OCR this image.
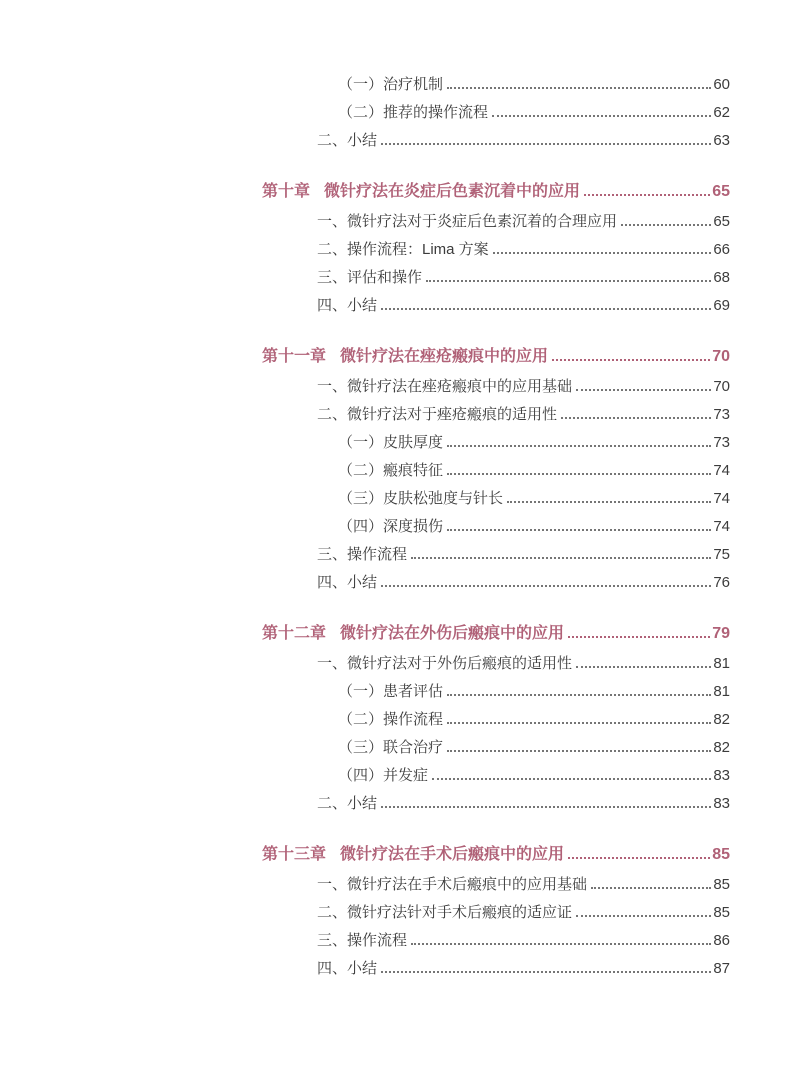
（一）治疗机制	60
（二）推荐的操作流程	62
二、小结	63
第十章 微针疗法在炎症后色素沉着中的应用	65
一、微针疗法对于炎症后色素沉着的合理应用	65
二、操作流程：Lima 方案	66
三、评估和操作	68
四、小结	69
第十一章 微针疗法在痤疮瘢痕中的应用	70
一、微针疗法在痤疮瘢痕中的应用基础	70
二、微针疗法对于痤疮瘢痕的适用性	73
（一）皮肤厚度	73
（二）瘢痕特征	74
（三）皮肤松弛度与针长	74
（四）深度损伤	74
三、操作流程	75
四、小结	76
第十二章 微针疗法在外伤后瘢痕中的应用	79
一、微针疗法对于外伤后瘢痕的适用性	81
（一）患者评估	81
（二）操作流程	82
（三）联合治疗	82
（四）并发症	83
二、小结	83
第十三章 微针疗法在手术后瘢痕中的应用	85
一、微针疗法在手术后瘢痕中的应用基础	85
二、微针疗法针对手术后瘢痕的适应证	85
三、操作流程	86
四、小结	87
